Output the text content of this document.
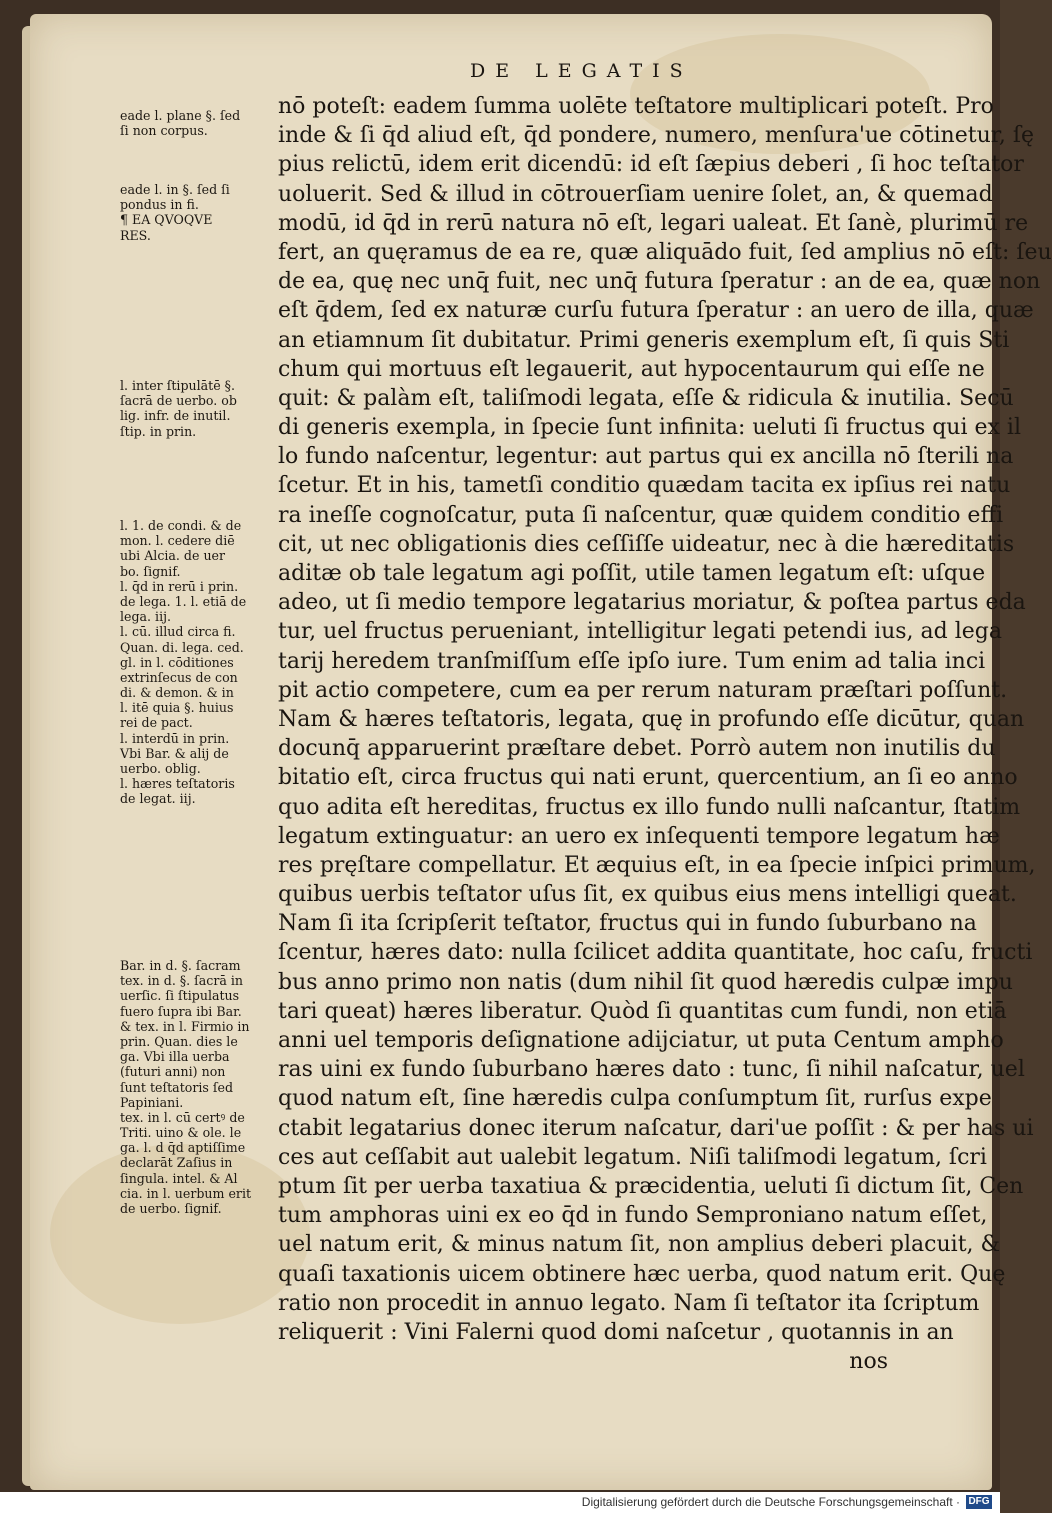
DE LEGATIS
eade l. plane §. ſed
ſi non corpus.
eade l. in §. ſed ſi
pondus in fi.
¶ EA QVOQVE
RES.
l. inter ſtipulātē §.
ſacrā de uerbo. ob
lig. infr. de inutil.
ſtip. in prin.
l. 1. de condi. & de
mon. l. cedere diē
ubi Alcia. de uer
bo. ſignif.
l. q̄d in rerū i prin.
de lega. 1. l. etiā de
lega. iij.
l. cū. illud circa fi.
Quan. di. lega. ced.
gl. in l. cōditiones
extrinſecus de con
di. & demon. & in
l. itē quia §. huius
rei de pact.
l. interdū in prin.
Vbi Bar. & alij de
uerbo. oblig.
l. hæres teſtatoris
de legat. iij.
Bar. in d. §. ſacram
tex. in d. §. ſacrā in
uerſic. ſi ſtipulatus
fuero ſupra ibi Bar.
& tex. in l. Firmio in
prin. Quan. dies le
ga. Vbi illa uerba
(futuri anni) non
ſunt teſtatoris ſed
Papiniani.
tex. in l. cū certꝰ de
Triti. uino & ole. le
ga. l. d q̄d aptiſſime
declarāt Zaſius in
ſingula. intel. & Al
cia. in l. uerbum erit
de uerbo. ſignif.
nō poteſt: eadem ſumma uolēte teſtatore multiplicari poteſt. Pro
inde & ſi q̄d aliud eſt, q̄d pondere, numero, menſura'ue cōtinetur, ſę
pius relictū, idem erit dicendū: id eſt ſæpius deberi , ſi hoc teſtator
uoluerit. Sed & illud in cōtrouerſiam uenire ſolet, an, & quemad
modū, id q̄d in rerū natura nō eſt, legari ualeat. Et ſanè, plurimū re
fert, an quęramus de ea re, quæ aliquādo fuit, ſed amplius nō eſt: ſeu
de ea, quę nec unq̄ fuit, nec unq̄ futura ſperatur : an de ea, quæ non
eſt q̄dem, ſed ex naturæ curſu futura ſperatur : an uero de illa, quæ
an etiamnum ſit dubitatur. Primi generis exemplum eſt, ſi quis Sti
chum qui mortuus eſt legauerit, aut hypocentaurum qui eſſe ne
quit: & palàm eſt, taliſmodi legata, eſſe & ridicula & inutilia. Secū
di generis exempla, in ſpecie ſunt infinita: ueluti ſi fructus qui ex il
lo fundo naſcentur, legentur: aut partus qui ex ancilla nō ſterili na
ſcetur. Et in his, tametſi conditio quædam tacita ex ipſius rei natu
ra ineſſe cognoſcatur, puta ſi naſcentur, quæ quidem conditio effi
cit, ut nec obligationis dies ceſſiſſe uideatur, nec à die hæreditatis
aditæ ob tale legatum agi poſſit, utile tamen legatum eſt: uſque
adeo, ut ſi medio tempore legatarius moriatur, & poſtea partus eda
tur, uel fructus perueniant, intelligitur legati petendi ius, ad lega
tarij heredem tranſmiſſum eſſe ipſo iure. Tum enim ad talia inci
pit actio competere, cum ea per rerum naturam præſtari poſſunt.
Nam & hæres teſtatoris, legata, quę in profundo eſſe dicūtur, quan
docunq̄ apparuerint præſtare debet. Porrò autem non inutilis du
bitatio eſt, circa fructus qui nati erunt, quercentium, an ſi eo anno
quo adita eſt hereditas, fructus ex illo fundo nulli naſcantur, ſtatim
legatum extinguatur: an uero ex inſequenti tempore legatum hæ
res pręſtare compellatur. Et æquius eſt, in ea ſpecie inſpici primum,
quibus uerbis teſtator uſus ſit, ex quibus eius mens intelligi queat.
Nam ſi ita ſcripſerit teſtator, fructus qui in fundo ſuburbano na
ſcentur, hæres dato: nulla ſcilicet addita quantitate, hoc caſu, fructi
bus anno primo non natis (dum nihil ſit quod hæredis culpæ impu
tari queat) hæres liberatur. Quòd ſi quantitas cum fundi, non etiā
anni uel temporis deſignatione adijciatur, ut puta Centum ampho
ras uini ex fundo ſuburbano hæres dato : tunc, ſi nihil naſcatur, uel
quod natum eſt, ſine hæredis culpa conſumptum ſit, rurſus expe
ctabit legatarius donec iterum naſcatur, dari'ue poſſit : & per has ui
ces aut ceſſabit aut ualebit legatum. Niſi taliſmodi legatum, ſcri
ptum ſit per uerba taxatiua & præcidentia, ueluti ſi dictum ſit, Cen
tum amphoras uini ex eo q̄d in fundo Semproniano natum eſſet,
uel natum erit, & minus natum ſit, non amplius deberi placuit, &
quaſi taxationis uicem obtinere hæc uerba, quod natum erit. Quę
ratio non procedit in annuo legato. Nam ſi teſtator ita ſcriptum
reliquerit : Vini Falerni quod domi naſcetur , quotannis in an
nos
Digitalisierung gefördert durch die Deutsche Forschungsgemeinschaft · DFG
